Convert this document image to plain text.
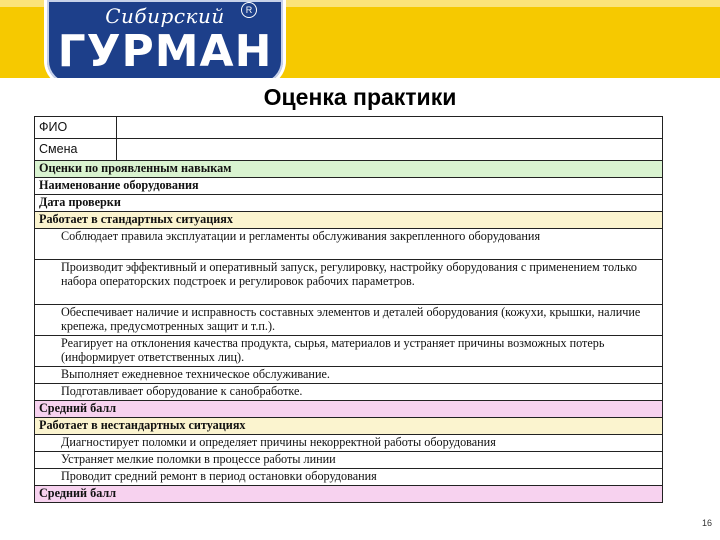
Сибирский	R
ГУРМАН
Оценка практики
ФИО	
Смена	
Оценки по проявленным навыкам	
Наименование оборудования	
Дата проверки	
Работает в стандартных ситуациях	
Соблюдает правила эксплуатации и регламенты обслуживания закрепленного оборудования	
Производит эффективный и оперативный запуск, регулировку, настройку оборудования с применением только набора операторских подстроек и регулировок рабочих параметров.	
Обеспечивает наличие и исправность составных элементов и деталей оборудования (кожухи, крышки, наличие крепежа, предусмотренных защит и т.п.).	
Реагирует на отклонения качества продукта, сырья, материалов и устраняет причины возможных потерь (информирует ответственных лиц).	
Выполняет ежедневное техническое обслуживание.	
Подготавливает оборудование к санобработке.	
Средний балл	
Работает в нестандартных ситуациях	
Диагностирует поломки и определяет причины некорректной работы оборудования	
Устраняет мелкие поломки в процессе работы линии	
Проводит средний ремонт в период остановки оборудования	
Средний балл	
16
